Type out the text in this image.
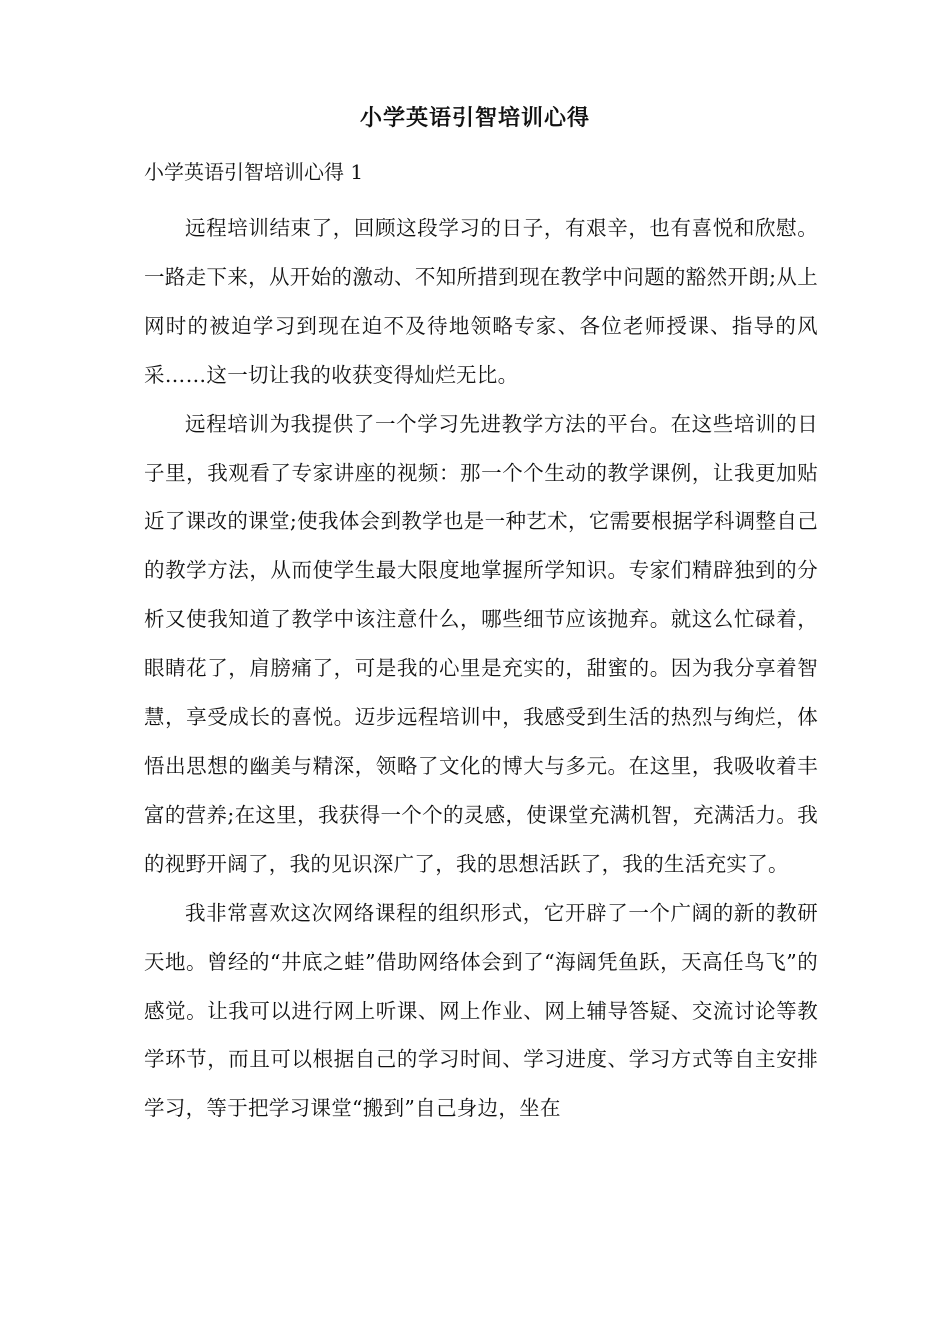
小学英语引智培训心得
小学英语引智培训心得 1

远程培训结束了，回顾这段学习的日子，有艰辛，也有喜悦和欣慰。一路走下来，从开始的激动、不知所措到现在教学中问题的豁然开朗;从上网时的被迫学习到现在迫不及待地领略专家、各位老师授课、指导的风采……这一切让我的收获变得灿烂无比。

远程培训为我提供了一个学习先进教学方法的平台。在这些培训的日子里，我观看了专家讲座的视频：那一个个生动的教学课例，让我更加贴近了课改的课堂;使我体会到教学也是一种艺术，它需要根据学科调整自己的教学方法，从而使学生最大限度地掌握所学知识。专家们精辟独到的分析又使我知道了教学中该注意什么，哪些细节应该抛弃。就这么忙碌着，眼睛花了，肩膀痛了，可是我的心里是充实的，甜蜜的。因为我分享着智慧，享受成长的喜悦。迈步远程培训中，我感受到生活的热烈与绚烂，体悟出思想的幽美与精深，领略了文化的博大与多元。在这里，我吸收着丰富的营养;在这里，我获得一个个的灵感，使课堂充满机智，充满活力。我的视野开阔了，我的见识深广了，我的思想活跃了，我的生活充实了。

我非常喜欢这次网络课程的组织形式，它开辟了一个广阔的新的教研天地。曾经的“井底之蛙”借助网络体会到了“海阔凭鱼跃，天高任鸟飞”的感觉。让我可以进行网上听课、网上作业、网上辅导答疑、交流讨论等教学环节，而且可以根据自己的学习时间、学习进度、学习方式等自主安排学习，等于把学习课堂“搬到”自己身边，坐在
